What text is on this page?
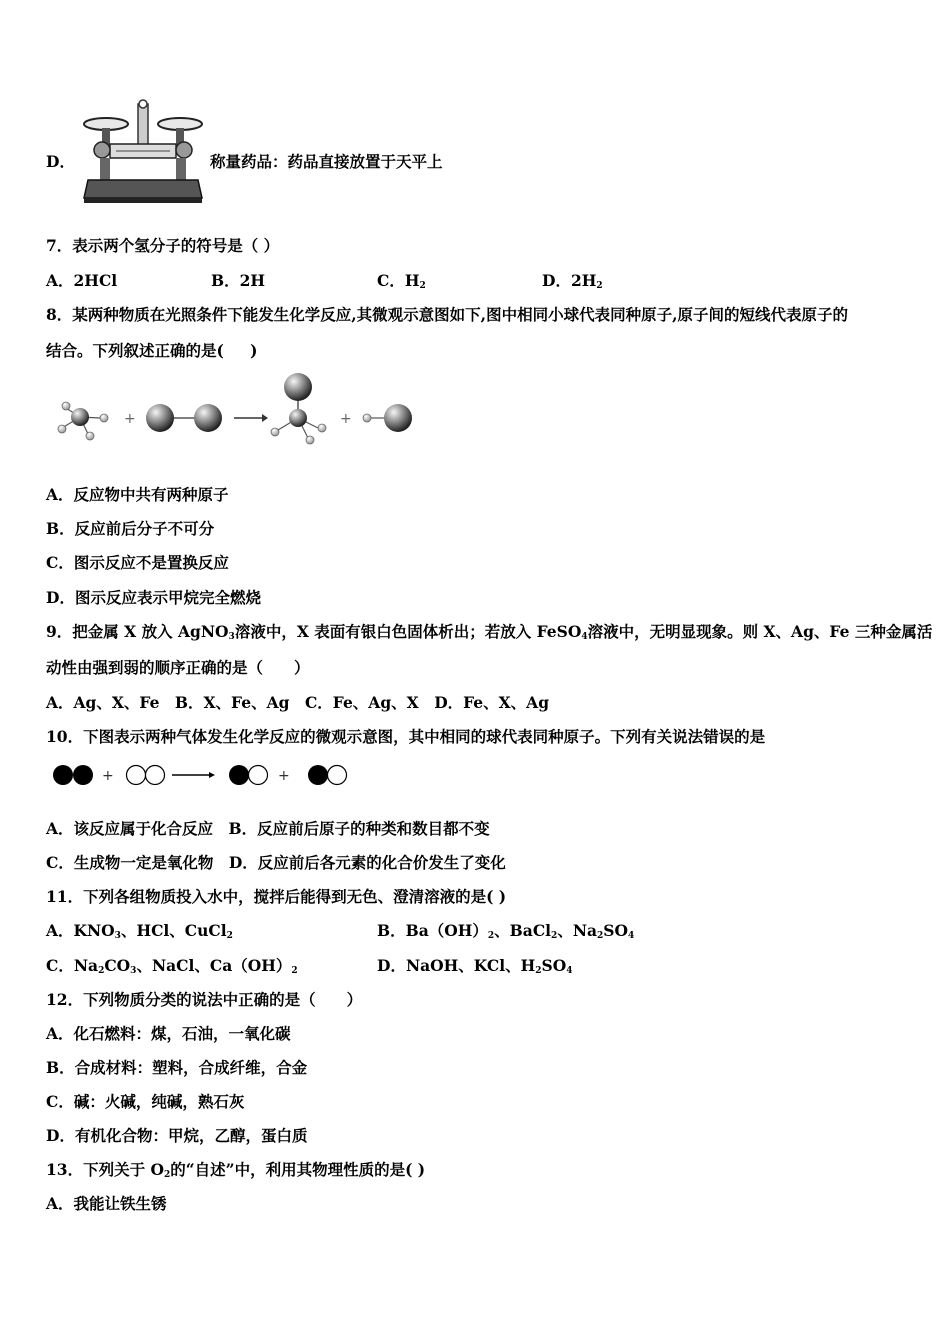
D．	称量药品：药品直接放置于天平上
7．表示两个氢分子的符号是（ ）
A．2HCl	B．2H	C．$H_2$	D．$2H_2$
8．某两种物质在光照条件下能发生化学反应,其微观示意图如下,图中相同小球代表同种原子,原子间的短线代表原子的
结合。下列叙述正确的是(　  )
+	+
A．反应物中共有两种原子
B．反应前后分子不可分
C．图示反应不是置换反应
D．图示反应表示甲烷完全燃烧
9．把金属 X 放入 AgNO$_3$溶液中，X 表面有银白色固体析出；若放入 FeSO$_4$溶液中，无明显现象。则 X、Ag、Fe 三种金属活
动性由强到弱的顺序正确的是（　　）
A．Ag、X、Fe　B．X、Fe、Ag　C．Fe、Ag、X　D．Fe、X、Ag
10．下图表示两种气体发生化学反应的微观示意图，其中相同的球代表同种原子。下列有关说法错误的是
+	+
A．该反应属于化合反应　B．反应前后原子的种类和数目都不变
C．生成物一定是氧化物　D．反应前后各元素的化合价发生了变化
11．下列各组物质投入水中，搅拌后能得到无色、澄清溶液的是( )
A．$KNO_3$、HCl、CuCl$_2$	B．$Ba(OH)_2$、BaCl$_2$、$Na_2SO_4$
C．$Na_2CO_3$、NaCl、$Ca(OH)_2$	D．NaOH、KCl、$H_2SO_4$
12．下列物质分类的说法中正确的是（　　）
A．化石燃料：煤，石油，一氧化碳
B．合成材料：塑料，合成纤维，合金
C．碱：火碱，纯碱，熟石灰
D．有机化合物：甲烷，乙醇，蛋白质
13．下列关于 $O_2$的“自述”中，利用其物理性质的是( )
A．我能让铁生锈
